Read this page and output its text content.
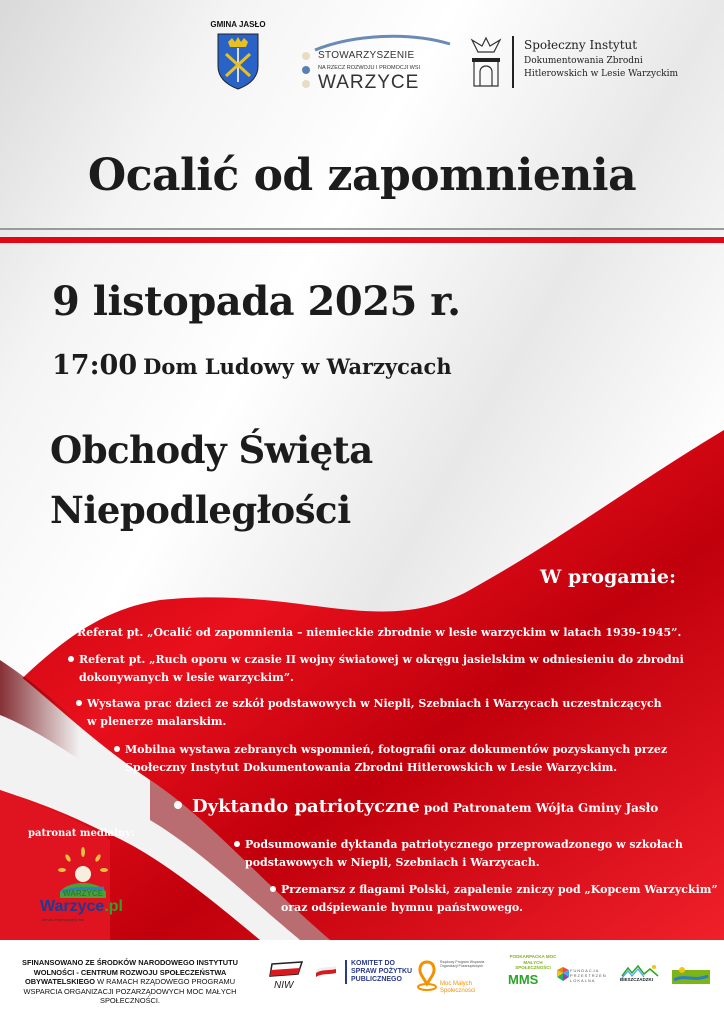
GMINA JASŁO
STOWARZYSZENIE
NA RZECZ ROZWOJU I PROMOCJI WSI
WARZYCE
Społeczny Instytut
Dokumentowania Zbrodni
Hitlerowskich w Lesie Warzyckim
Ocalić od zapomnienia
9 listopada 2025 r.
17:00 Dom Ludowy w Warzycach
Obchody Święta
Niepodległości
W progamie:
Referat pt. „Ocalić od zapomnienia – niemieckie zbrodnie w lesie warzyckim w latach 1939-1945”.
Referat pt. „Ruch oporu w czasie II wojny światowej w okręgu jasielskim w odniesieniu do zbrodni
dokonywanych w lesie warzyckim”.
Wystawa prac dzieci ze szkół podstawowych w Niepli, Szebniach i Warzycach uczestniczących
w plenerze malarskim.
Mobilna wystawa zebranych wspomnień, fotografii oraz dokumentów pozyskanych przez
Społeczny Instytut Dokumentowania Zbrodni Hitlerowskich w Lesie Warzyckim.
Dyktando patriotyczne pod Patronatem Wójta Gminy Jasło
Podsumowanie dyktanda patriotycznego przeprowadzonego w szkołach
podstawowych w Niepli, Szebniach i Warzycach.
Przemarsz z flagami Polski, zapalenie zniczy pod „Kopcem Warzyckim”
oraz odśpiewanie hymnu państwowego.
patronat medialny:
WARZYCE
Warzyce.pl
serwis informacyjny wsi
SFINANSOWANO ZE ŚRODKÓW NARODOWEGO INSTYTUTU WOLNOŚCI - CENTRUM ROZWOJU SPOŁECZEŃSTWA OBYWATELSKIEGO W RAMACH RZĄDOWEGO PROGRAMU WSPARCIA ORGANIZACJI POZARZĄDOWYCH MOC MAŁYCH SPOŁECZNOŚCI.
NIW
KOMITET DO SPRAW POŻYTKU PUBLICZNEGO
Rządowy Program Wsparcia Organizacji Pozarządowych
Moc Małych Społeczności
PODKARPACKA MOC MAŁYCH SPOŁECZNOŚCI
MMS
FUNDACJA PRZESTRZEŃ LOKALNA	BIESZCZADZKI
